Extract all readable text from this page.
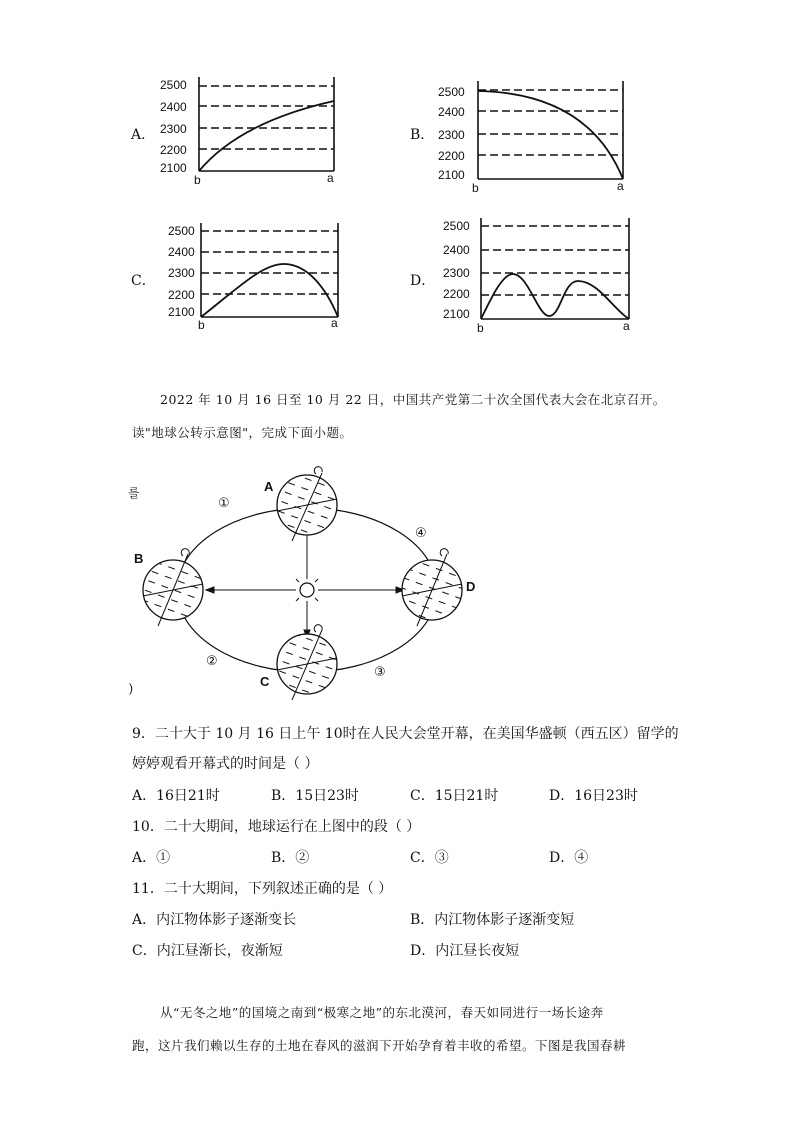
A．
2500
2400
2300
2200
2100
b	a
B．
2500
2400
2300
2200
2100
b	a
C．
2500
2400
2300
2200
2100
b	a
D．
2500
2400
2300
2200
2100
b	a
2022 年 10 月 16 日至 10 月 22 日，中国共产党第二十次全国代表大会在北京召开。
读"地球公转示意图"，完成下面小题。
를
)
A
B
C
D
①
②
③
④
9．二十大于 10 月 16 日上午 10时在人民大会堂开幕，在美国华盛顿（西五区）留学的
婷婷观看开幕式的时间是（ ）
A．16日21时	B．15日23时	C．15日21时	D．16日23时
10．二十大期间，地球运行在上图中的段（ ）
A．①	B．②	C．③	D．④
11．二十大期间，下列叙述正确的是（ ）
A．内江物体影子逐渐变长	B．内江物体影子逐渐变短
C．内江昼渐长，夜渐短	D．内江昼长夜短
从“无冬之地”的国境之南到“极寒之地”的东北漠河，春天如同进行一场长途奔
跑，这片我们赖以生存的土地在春风的滋润下开始孕育着丰收的希望。下图是我国春耕
